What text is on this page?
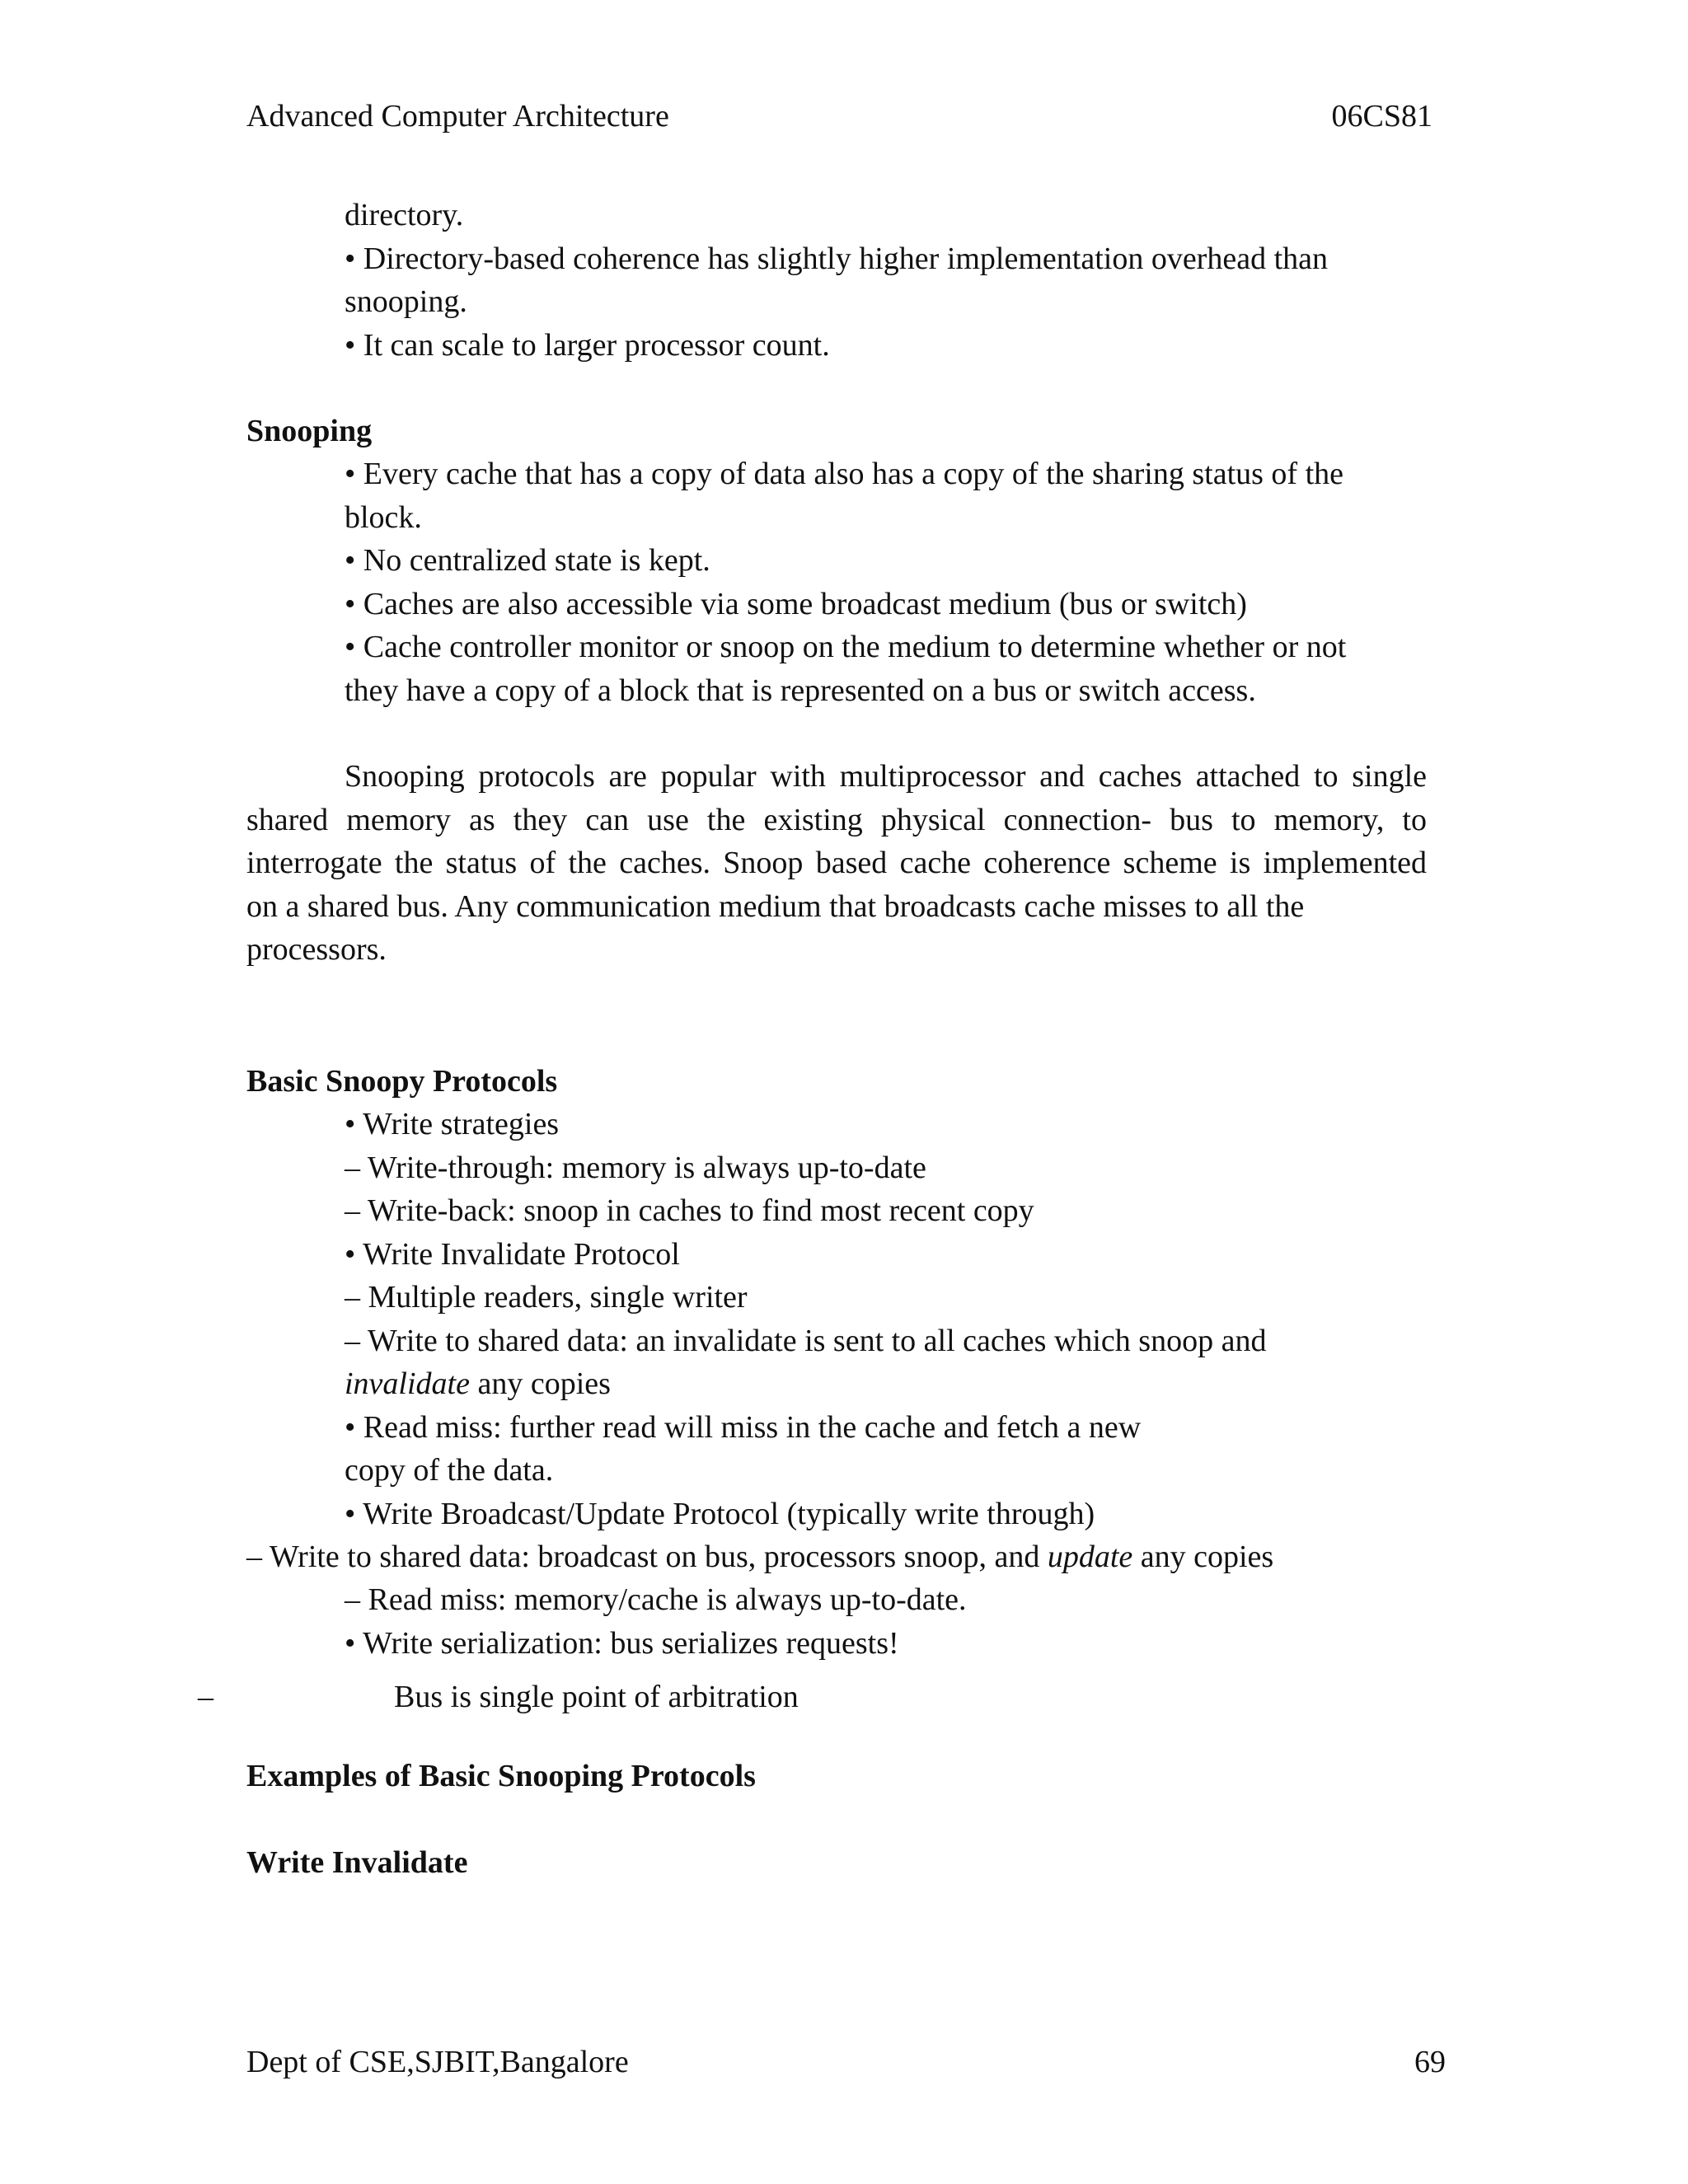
Advanced Computer Architecture	06CS81
directory.
• Directory-based coherence has slightly higher implementation overhead than
snooping.
• It can scale to larger processor count.
Snooping
• Every cache that has a copy of data also has a copy of the sharing status of the
block.
• No centralized state is kept.
• Caches are also accessible via some broadcast medium (bus or switch)
• Cache controller monitor or snoop on the medium to determine whether or not
they have a copy of a block that is represented on a bus or switch access.
Snooping protocols are popular with multiprocessor and caches attached to single
shared memory as they can use the existing physical connection- bus to memory, to
interrogate the status of the caches. Snoop based cache coherence scheme is implemented
on a shared bus. Any communication medium that broadcasts cache misses to all the
processors.
Basic Snoopy Protocols
• Write strategies
– Write-through: memory is always up-to-date
– Write-back: snoop in caches to find most recent copy
• Write Invalidate Protocol
– Multiple readers, single writer
– Write to shared data: an invalidate is sent to all caches which snoop and
invalidate any copies
• Read miss: further read will miss in the cache and fetch a new
copy of the data.
• Write Broadcast/Update Protocol (typically write through)
– Write to shared data: broadcast on bus, processors snoop, and update any copies
– Read miss: memory/cache is always up-to-date.
• Write serialization: bus serializes requests!
–	Bus is single point of arbitration
Examples of Basic Snooping Protocols
Write Invalidate
Dept of CSE,SJBIT,Bangalore	69
